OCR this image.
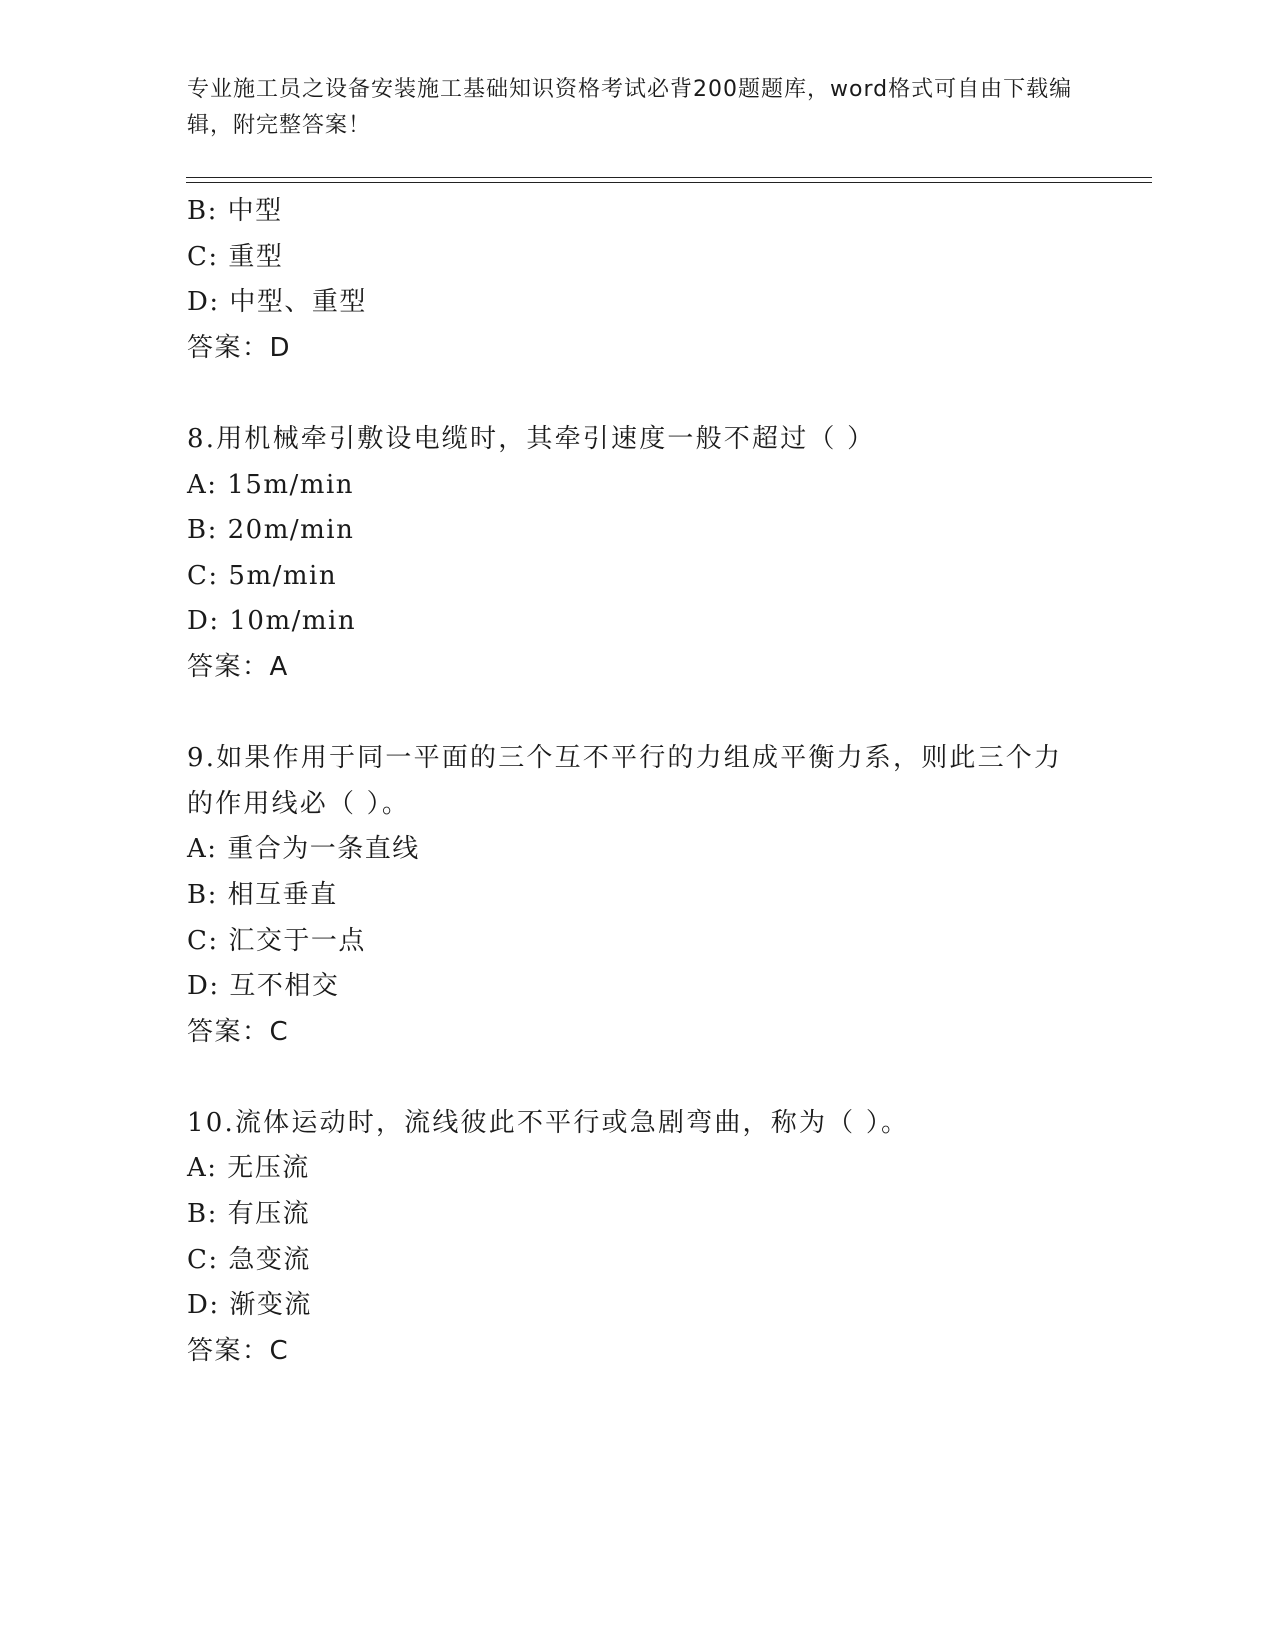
专业施工员之设备安装施工基础知识资格考试必背200题题库，word格式可自由下载编辑，附完整答案！
B: 中型
C: 重型
D: 中型、重型
答案：D
8.用机械牵引敷设电缆时，其牵引速度一般不超过（ ）
A: 15m/min
B: 20m/min
C: 5m/min
D: 10m/min
答案：A
9.如果作用于同一平面的三个互不平行的力组成平衡力系，则此三个力的作用线必（ ）。
A: 重合为一条直线
B: 相互垂直
C: 汇交于一点
D: 互不相交
答案：C
10.流体运动时，流线彼此不平行或急剧弯曲，称为（ ）。
A: 无压流
B: 有压流
C: 急变流
D: 渐变流
答案：C
